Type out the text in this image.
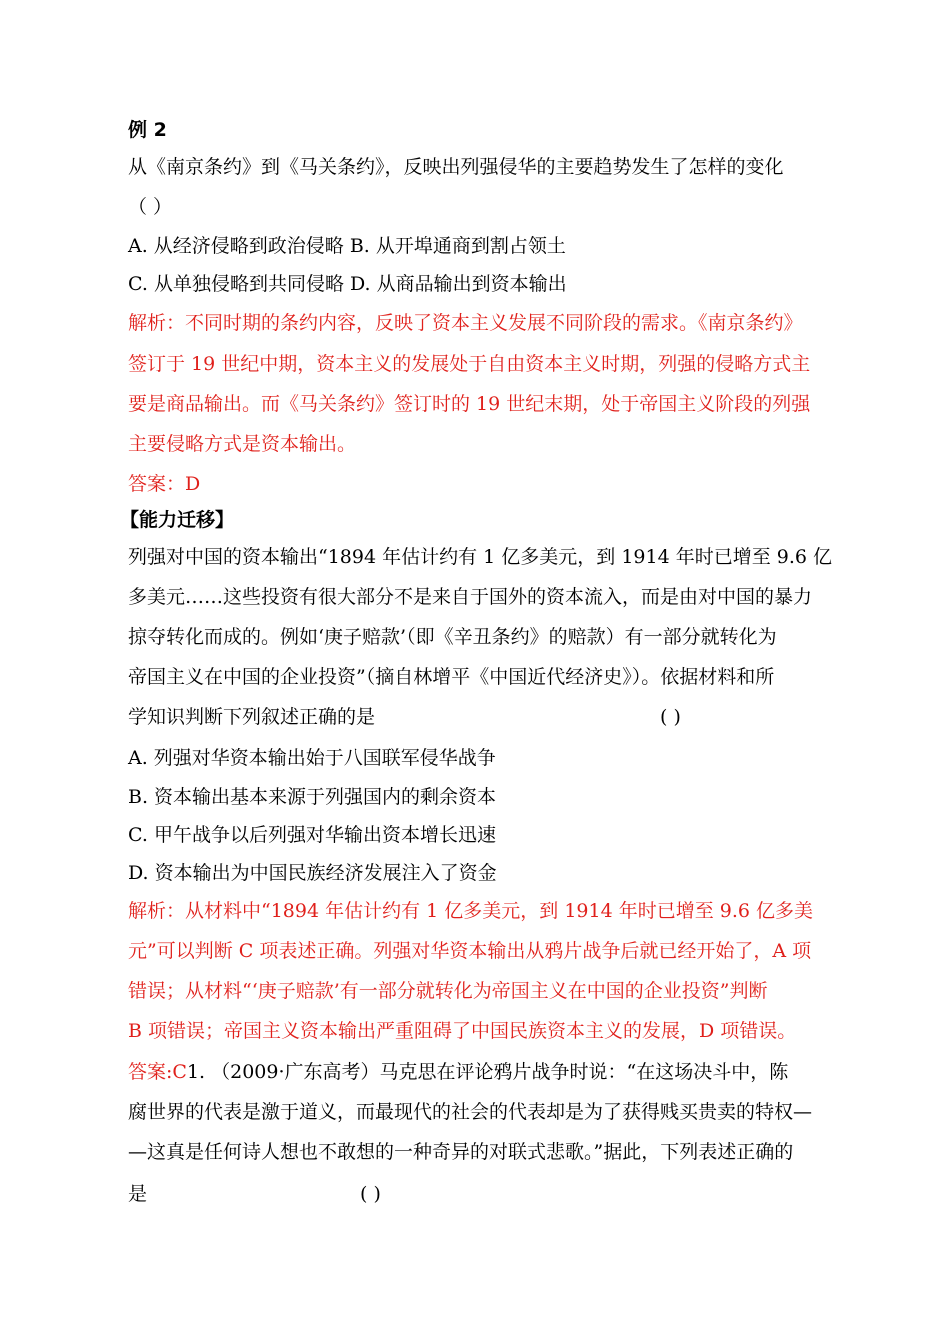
例 2
从《南京条约》到《马关条约》，反映出列强侵华的主要趋势发生了怎样的变化
（ ）
A. 从经济侵略到政治侵略 B. 从开埠通商到割占领土
C. 从单独侵略到共同侵略 D. 从商品输出到资本输出
解析：不同时期的条约内容，反映了资本主义发展不同阶段的需求。《南京条约》
签订于 19 世纪中期，资本主义的发展处于自由资本主义时期，列强的侵略方式主
要是商品输出。而《马关条约》签订时的 19 世纪末期，处于帝国主义阶段的列强
主要侵略方式是资本输出。
答案：D
【能力迁移】
列强对中国的资本输出“1894 年估计约有 1 亿多美元，到 1914 年时已增至 9.6 亿
多美元……这些投资有很大部分不是来自于国外的资本流入，而是由对中国的暴力
掠夺转化而成的。例如‘庚子赔款’（即《辛丑条约》的赔款）有一部分就转化为
帝国主义在中国的企业投资”（摘自林增平《中国近代经济史》）。依据材料和所
学知识判断下列叙述正确的是	( )
A. 列强对华资本输出始于八国联军侵华战争
B. 资本输出基本来源于列强国内的剩余资本
C. 甲午战争以后列强对华输出资本增长迅速
D. 资本输出为中国民族经济发展注入了资金
解析：从材料中“1894 年估计约有 1 亿多美元，到 1914 年时已增至 9.6 亿多美
元”可以判断 C 项表述正确。列强对华资本输出从鸦片战争后就已经开始了，A 项
错误；从材料“‘庚子赔款’有一部分就转化为帝国主义在中国的企业投资”判断
B 项错误；帝国主义资本输出严重阻碍了中国民族资本主义的发展，D 项错误。
答案:C1. （2009·广东高考）马克思在评论鸦片战争时说：“在这场决斗中，陈
腐世界的代表是激于道义，而最现代的社会的代表却是为了获得贱买贵卖的特权—
—这真是任何诗人想也不敢想的一种奇异的对联式悲歌。”据此，下列表述正确的
是	( )
